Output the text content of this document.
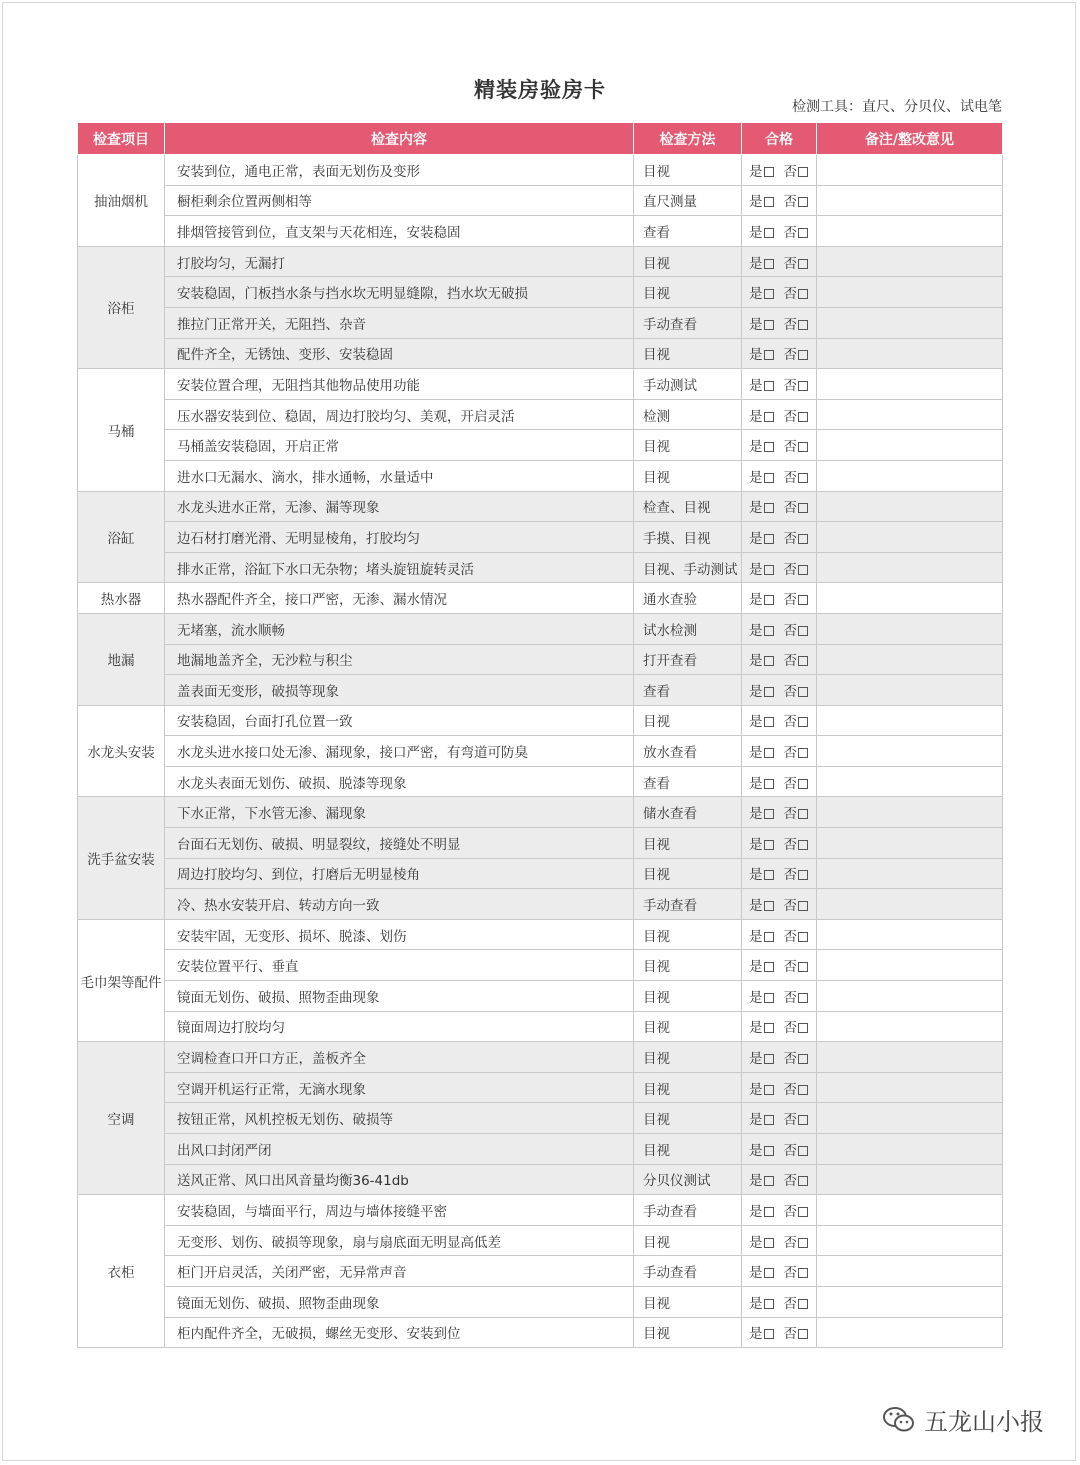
精装房验房卡
检测工具：直尺、分贝仪、试电笔
检查项目	检查内容	检查方法	合格	备注/整改意见
抽油烟机	安装到位，通电正常，表面无划伤及变形	目视	是 否	
	橱柜剩余位置两侧相等	直尺测量	是 否	
	排烟管接管到位，直支架与天花相连，安装稳固	查看	是 否	
浴柜	打胶均匀，无漏打	目视	是 否	
	安装稳固，门板挡水条与挡水坎无明显缝隙，挡水坎无破损	目视	是 否	
	推拉门正常开关，无阻挡、杂音	手动查看	是 否	
	配件齐全，无锈蚀、变形、安装稳固	目视	是 否	
马桶	安装位置合理，无阻挡其他物品使用功能	手动测试	是 否	
	压水器安装到位、稳固，周边打胶均匀、美观，开启灵活	检测	是 否	
	马桶盖安装稳固，开启正常	目视	是 否	
	进水口无漏水、滴水，排水通畅，水量适中	目视	是 否	
浴缸	水龙头进水正常，无渗、漏等现象	检查、目视	是 否	
	边石材打磨光滑、无明显棱角，打胶均匀	手摸、目视	是 否	
	排水正常，浴缸下水口无杂物；堵头旋钮旋转灵活	目视、手动测试	是 否	
热水器	热水器配件齐全，接口严密，无渗、漏水情况	通水查验	是 否	
地漏	无堵塞，流水顺畅	试水检测	是 否	
	地漏地盖齐全，无沙粒与积尘	打开查看	是 否	
	盖表面无变形，破损等现象	查看	是 否	
水龙头安装	安装稳固，台面打孔位置一致	目视	是 否	
	水龙头进水接口处无渗、漏现象，接口严密，有弯道可防臭	放水查看	是 否	
	水龙头表面无划伤、破损、脱漆等现象	查看	是 否	
洗手盆安装	下水正常，下水管无渗、漏现象	储水查看	是 否	
	台面石无划伤、破损、明显裂纹，接缝处不明显	目视	是 否	
	周边打胶均匀、到位，打磨后无明显棱角	目视	是 否	
	冷、热水安装开启、转动方向一致	手动查看	是 否	
毛巾架等配件	安装牢固，无变形、损坏、脱漆、划伤	目视	是 否	
	安装位置平行、垂直	目视	是 否	
	镜面无划伤、破损、照物歪曲现象	目视	是 否	
	镜面周边打胶均匀	目视	是 否	
空调	空调检查口开口方正，盖板齐全	目视	是 否	
	空调开机运行正常，无滴水现象	目视	是 否	
	按钮正常，风机控板无划伤、破损等	目视	是 否	
	出风口封闭严闭	目视	是 否	
	送风正常、风口出风音量均衡36-41db	分贝仪测试	是 否	
衣柜	安装稳固，与墙面平行，周边与墙体接缝平密	手动查看	是 否	
	无变形、划伤、破损等现象，扇与扇底面无明显高低差	目视	是 否	
	柜门开启灵活，关闭严密，无异常声音	手动查看	是 否	
	镜面无划伤、破损、照物歪曲现象	目视	是 否	
	柜内配件齐全，无破损，螺丝无变形、安装到位	目视	是 否	
五龙山小报
